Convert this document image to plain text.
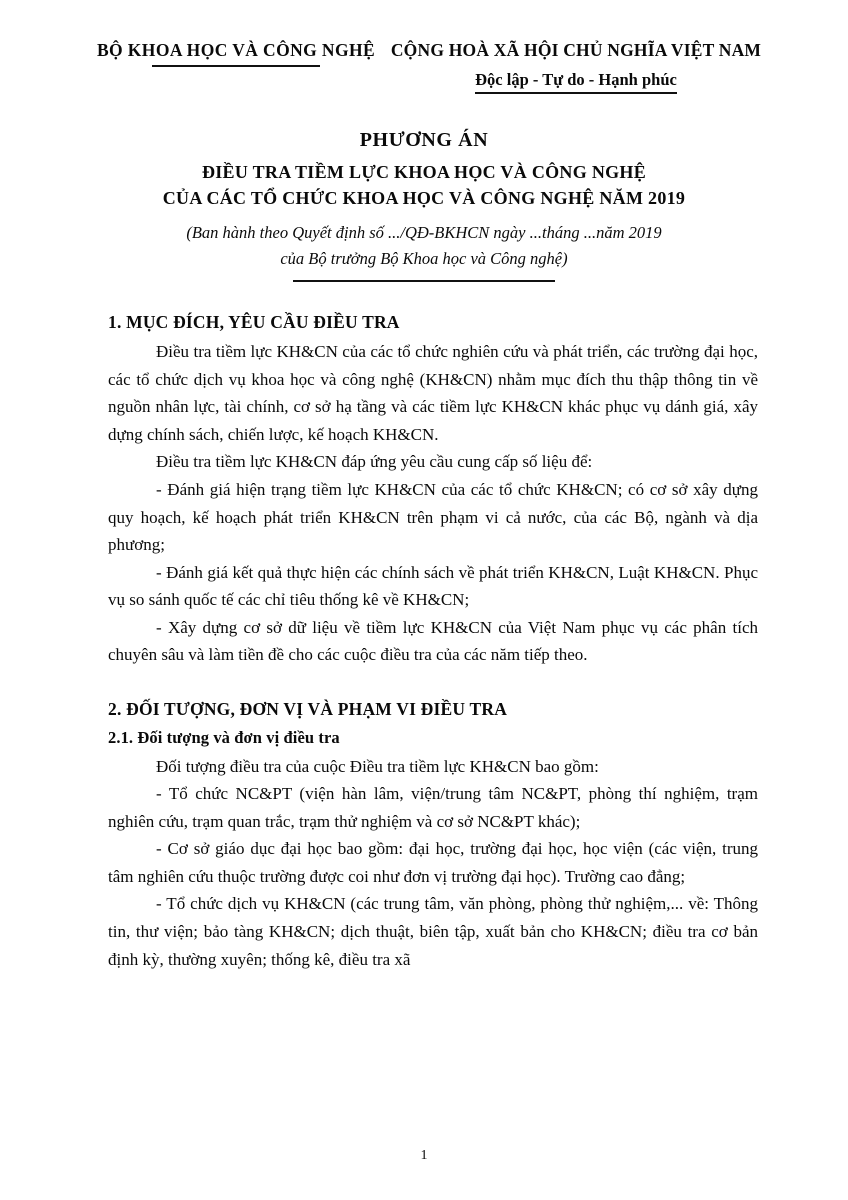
BỘ KHOA HỌC VÀ CÔNG NGHỆ CỘNG HOÀ XÃ HỘI CHỦ NGHĨA VIỆT NAM
Độc lập - Tự do - Hạnh phúc
PHƯƠNG ÁN
ĐIỀU TRA TIỀM LỰC KHOA HỌC VÀ CÔNG NGHỆ
CỦA CÁC TỔ CHỨC KHOA HỌC VÀ CÔNG NGHỆ NĂM 2019
(Ban hành theo Quyết định số .../QĐ-BKHCN ngày ...tháng ...năm 2019
của Bộ trưởng Bộ Khoa học và Công nghệ)
1. MỤC ĐÍCH, YÊU CẦU ĐIỀU TRA

Điều tra tiềm lực KH&CN của các tổ chức nghiên cứu và phát triển, các trường đại học, các tổ chức dịch vụ khoa học và công nghệ (KH&CN) nhằm mục đích thu thập thông tin về nguồn nhân lực, tài chính, cơ sở hạ tầng và các tiềm lực KH&CN khác phục vụ dánh giá, xây dựng chính sách, chiến lược, kế hoạch KH&CN.

Điều tra tiềm lực KH&CN đáp ứng yêu cầu cung cấp số liệu để:

- Đánh giá hiện trạng tiềm lực KH&CN của các tổ chức KH&CN; có cơ sở xây dựng quy hoạch, kế hoạch phát triển KH&CN trên phạm vi cả nước, của các Bộ, ngành và dịa phương;

- Đánh giá kết quả thực hiện các chính sách về phát triển KH&CN, Luật KH&CN. Phục vụ so sánh quốc tế các chỉ tiêu thống kê về KH&CN;

- Xây dựng cơ sở dữ liệu về tiềm lực KH&CN của Việt Nam phục vụ các phân tích chuyên sâu và làm tiền đề cho các cuộc điều tra của các năm tiếp theo.

2. ĐỐI TƯỢNG, ĐƠN VỊ VÀ PHẠM VI ĐIỀU TRA
2.1. Đối tượng và đơn vị điều tra

Đối tượng điều tra của cuộc Điều tra tiềm lực KH&CN bao gồm:

- Tổ chức NC&PT (viện hàn lâm, viện/trung tâm NC&PT, phòng thí nghiệm, trạm nghiên cứu, trạm quan trắc, trạm thử nghiệm và cơ sở NC&PT khác);

- Cơ sở giáo dục đại học bao gồm: đại học, trường đại học, học viện (các viện, trung tâm nghiên cứu thuộc trường được coi như đơn vị trường đại học). Trường cao đẳng;

- Tổ chức dịch vụ KH&CN (các trung tâm, văn phòng, phòng thử nghiệm,... về: Thông tin, thư viện; bảo tàng KH&CN; dịch thuật, biên tập, xuất bản cho KH&CN; điều tra cơ bản định kỳ, thường xuyên; thống kê, điều tra xã

1
